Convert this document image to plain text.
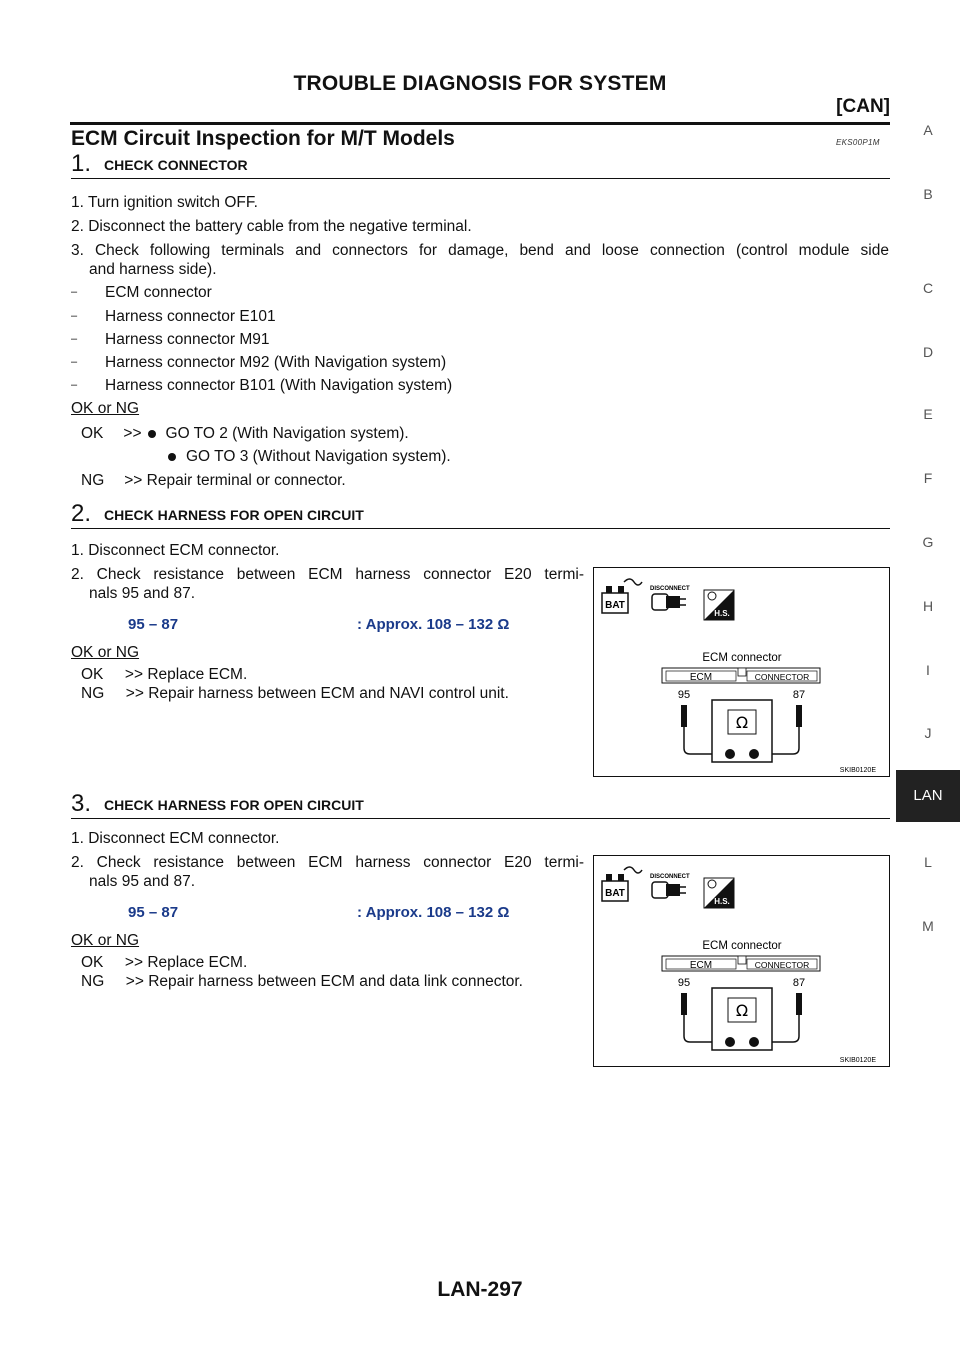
TROUBLE DIAGNOSIS FOR SYSTEM
[CAN]
ECM Circuit Inspection for M/T Models	EKS00P1M
1. CHECK CONNECTOR
1. Turn ignition switch OFF.
2. Disconnect the battery cable from the negative terminal.
3. Check following terminals and connectors for damage, bend and loose connection (control module side
and harness side).
– ECM connector
– Harness connector E101
– Harness connector M91
– Harness connector M92 (With Navigation system)
– Harness connector B101 (With Navigation system)
OK or NG
OK >> GO TO 2 (With Navigation system).
GO TO 3 (Without Navigation system).
NG >> Repair terminal or connector.
2. CHECK HARNESS FOR OPEN CIRCUIT
1. Disconnect ECM connector.
2. Check resistance between ECM harness connector E20 termi-
nals 95 and 87.
95 – 87	: Approx. 108 – 132 Ω
OK or NG
OK     >> Replace ECM.
NG     >> Repair harness between ECM and NAVI control unit.
BAT
DISCONNECT
H.S.
ECM connector
ECM	CONNECTOR
95	87
Ω
SKIB0120E
3. CHECK HARNESS FOR OPEN CIRCUIT
1. Disconnect ECM connector.
2. Check resistance between ECM harness connector E20 termi-
nals 95 and 87.
95 – 87	: Approx. 108 – 132 Ω
OK or NG
OK     >> Replace ECM.
NG     >> Repair harness between ECM and data link connector.
BAT
DISCONNECT
H.S.
ECM connector
ECM	CONNECTOR
95	87
Ω
SKIB0120E
A
B
C
D
E
F
G
H
I
J
LAN
L
M
LAN-297
